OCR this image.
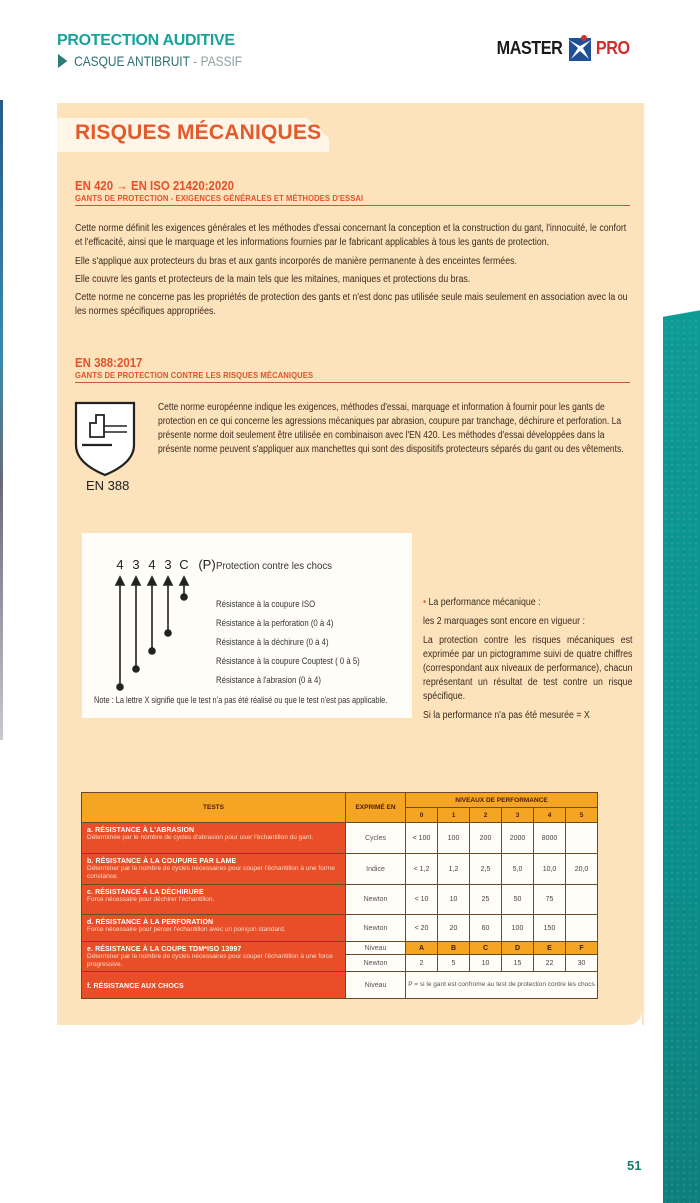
PROTECTION AUDITIVE
CASQUE ANTIBRUIT - PASSIF
MASTER PRO
RISQUES MÉCANIQUES
EN 420 → EN ISO 21420:2020
GANTS DE PROTECTION - EXIGENCES GÉNÉRALES ET MÉTHODES D'ESSAI

Cette norme définit les exigences générales et les méthodes d'essai concernant la conception et la construction du gant, l'innocuité, le confort et l'efficacité, ainsi que le marquage et les informations fournies par le fabricant applicables à tous les gants de protection.

Elle s'applique aux protecteurs du bras et aux gants incorporés de manière permanente à des enceintes fermées.

Elle couvre les gants et protecteurs de la main tels que les mitaines, maniques et protections du bras.

Cette norme ne concerne pas les propriétés de protection des gants et n'est donc pas utilisée seule mais seulement en association avec la ou les normes spécifiques appropriées.

EN 388:2017
GANTS DE PROTECTION CONTRE LES RISQUES MÉCANIQUES
EN 388

Cette norme européenne indique les exigences, méthodes d'essai, marquage et information à fournir pour les gants de protection en ce qui concerne les agressions mécaniques par abrasion, coupure par tranchage, déchirure et perforation. La présente norme doit seulement être utilisée en combinaison avec l'EN 420. Les méthodes d'essai développées dans la présente norme peuvent s'appliquer aux manchettes qui sont des dispositifs protecteurs séparés du gant ou des vêtements.

4 3 4 3 C (P) Protection contre les chocs
Résistance à la coupure ISO
Résistance à la perforation (0 à 4)
Résistance à la déchirure (0 à 4)
Résistance à la coupure Couptest ( 0 à 5)
Résistance à l'abrasion (0 à 4)
Note : La lettre X signifie que le test n'a pas été réalisé ou que le test n'est pas applicable.
• La performance mécanique :
les 2 marquages sont encore en vigueur :
La protection contre les risques mécaniques est exprimée par un pictogramme suivi de quatre chiffres (correspondant aux niveaux de performance), chacun représentant un résultat de test contre un risque spécifique.
Si la performance n'a pas été mesurée = X
TESTS	EXPRIMÉ EN	NIVEAUX DE PERFORMANCE					
		0	1	2	3	4	5

a. RÉSISTANCE À L'ABRASION
Déterminée par le nombre de cycles d'abrasion pour user l'échantillon du gant.	Cycles	< 100	100	200	2000	8000	

b. RÉSISTANCE À LA COUPURE PAR LAME
Déterminer par le nombre de cycles nécessaires pour couper l'échantillon à une forme constance.	Indice	< 1,2	1,2	2,5	5,0	10,0	20,0

c. RÉSISTANCE À LA DÉCHIRURE
Force nécessaire pour déchirer l'échantillon.	Newton	< 10	10	25	50	75	

d. RÉSISTANCE À LA PERFORATION
Force nécessaire pour percer l'échantillon avec un poinçon standard.	Newton	< 20	20	60	100	150	

e. RÉSISTANCE À LA COUPE TDM*ISO 13997
Déterminer par le nombre de cycles nécessaires pour couper l'échantillon à une force progressive.	Niveau	A	B	C	D	E	F
	Newton	2	5	10	15	22	30

f. RÉSISTANCE AUX CHOCS	Niveau	P = si le gant est confrome au test de protection contre les chocs					
51
